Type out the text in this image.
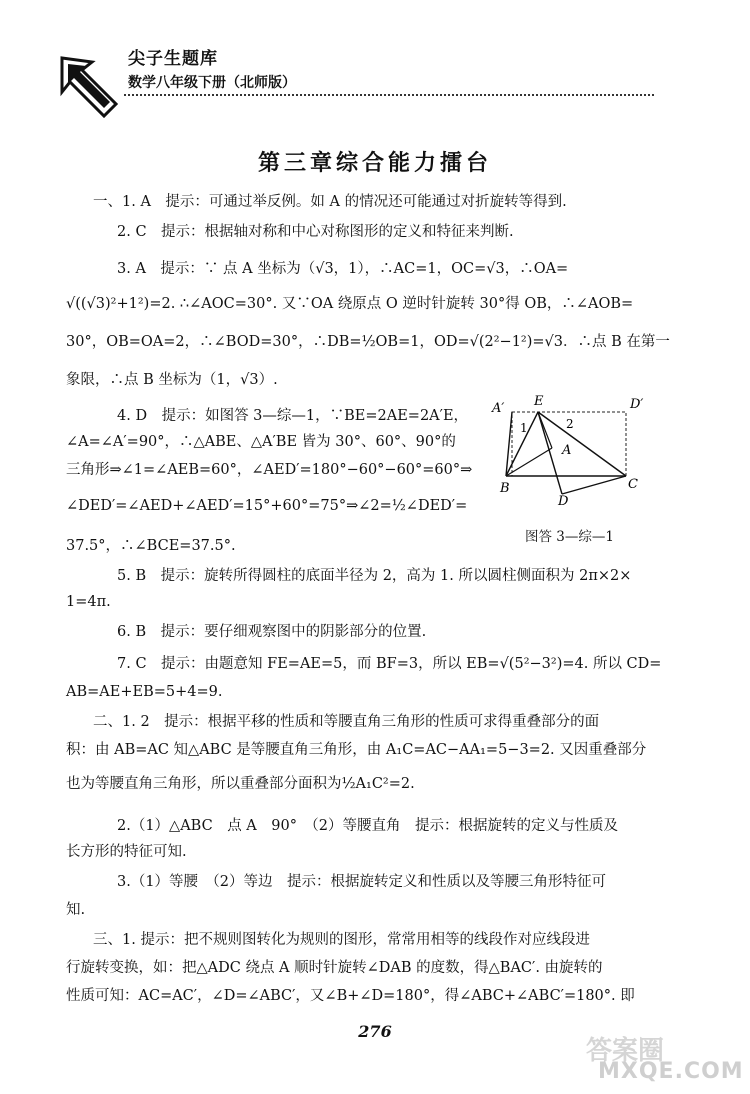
尖子生题库
数学八年级下册（北师版）
第三章综合能力擂台
一、1. A　提示：可通过举反例。如 A 的情况还可能通过对折旋转等得到.
2. C　提示：根据轴对称和中心对称图形的定义和特征来判断.
3. A　提示：∵ 点 A 坐标为（√3，1），∴AC=1，OC=√3，∴OA=
√((√3)²+1²)=2. ∴∠AOC=30°. 又∵OA 绕原点 O 逆时针旋转 30°得 OB，∴∠AOB=
30°，OB=OA=2，∴∠BOD=30°，∴DB=½OB=1，OD=√(2²−1²)=√3．∴点 B 在第一
象限，∴点 B 坐标为（1，√3）.
4. D　提示：如图答 3—综—1，∵BE=2AE=2A′E，
∠A=∠A′=90°，∴△ABE、△A′BE 皆为 30°、60°、90°的
三角形⇒∠1=∠AEB=60°，∠AED′=180°−60°−60°=60°⇒
∠DED′=∠AED+∠AED′=15°+60°=75°⇒∠2=½∠DED′=
37.5°，∴∠BCE=37.5°.
A′ E	D′
1	2
A
B	C
D
图答 3—综—1
5. B　提示：旋转所得圆柱的底面半径为 2，高为 1. 所以圆柱侧面积为 2π×2×
1=4π.
6. B　提示：要仔细观察图中的阴影部分的位置.
7. C　提示：由题意知 FE=AE=5，而 BF=3，所以 EB=√(5²−3²)=4. 所以 CD=
AB=AE+EB=5+4=9.
二、1. 2　提示：根据平移的性质和等腰直角三角形的性质可求得重叠部分的面
积：由 AB=AC 知△ABC 是等腰直角三角形，由 A₁C=AC−AA₁=5−3=2. 又因重叠部分
也为等腰直角三角形，所以重叠部分面积为½A₁C²=2.
2.（1）△ABC　点 A　90°　（2）等腰直角　提示：根据旋转的定义与性质及
长方形的特征可知.
3.（1）等腰　（2）等边　提示：根据旋转定义和性质以及等腰三角形特征可
知.
三、1. 提示：把不规则图转化为规则的图形，常常用相等的线段作对应线段进
行旋转变换，如：把△ADC 绕点 A 顺时针旋转∠DAB 的度数，得△BAC′. 由旋转的
性质可知：AC=AC′，∠D=∠ABC′，又∠B+∠D=180°，得∠ABC+∠ABC′=180°. 即
276
答案圈
MXQE.COM
